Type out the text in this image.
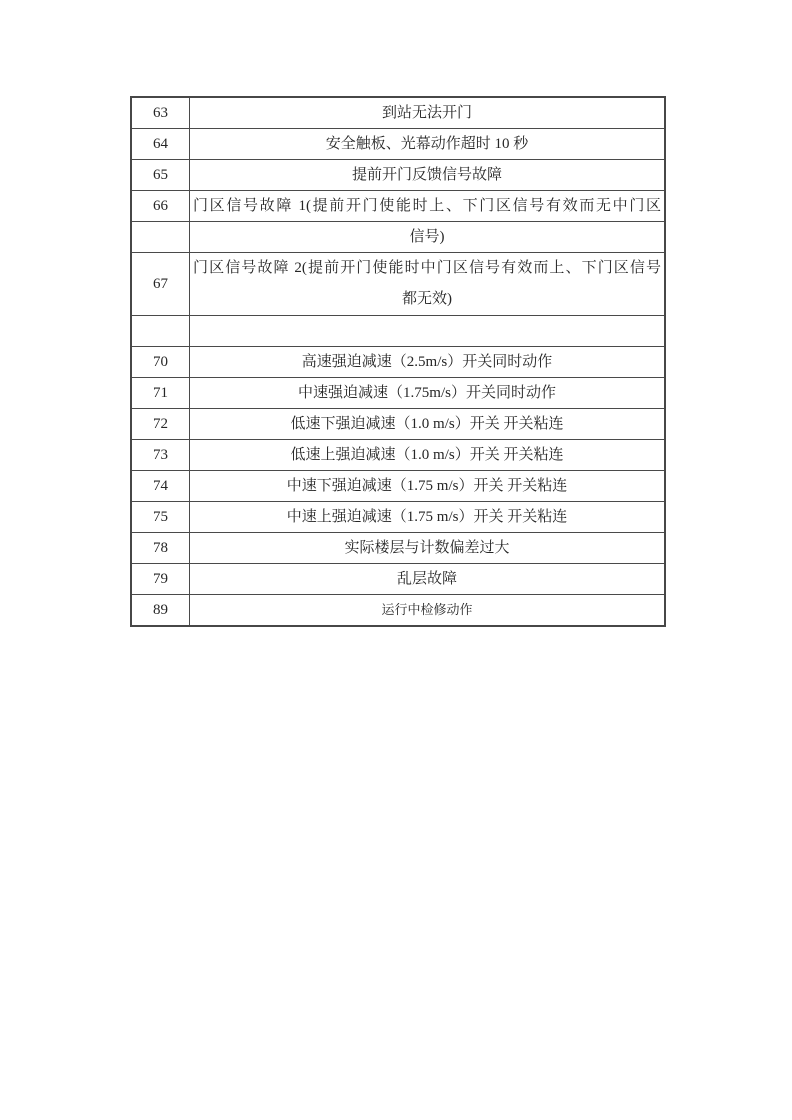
63	到站无法开门

64	安全触板、光幕动作超时 10 秒

65	提前开门反馈信号故障

66	门区信号故障 1(提前开门使能时上、下门区信号有效而无中门区

	信号)

67	门区信号故障 2(提前开门使能时中门区信号有效而上、下门区信号
都无效)

70	高速强迫减速（2.5m/s）开关同时动作

71	中速强迫减速（1.75m/s）开关同时动作

72	低速下强迫减速（1.0 m/s）开关 开关粘连

73	低速上强迫减速（1.0 m/s）开关 开关粘连

74	中速下强迫减速（1.75 m/s）开关 开关粘连

75	中速上强迫减速（1.75 m/s）开关 开关粘连

78	实际楼层与计数偏差过大

79	乱层故障

89	运行中检修动作
